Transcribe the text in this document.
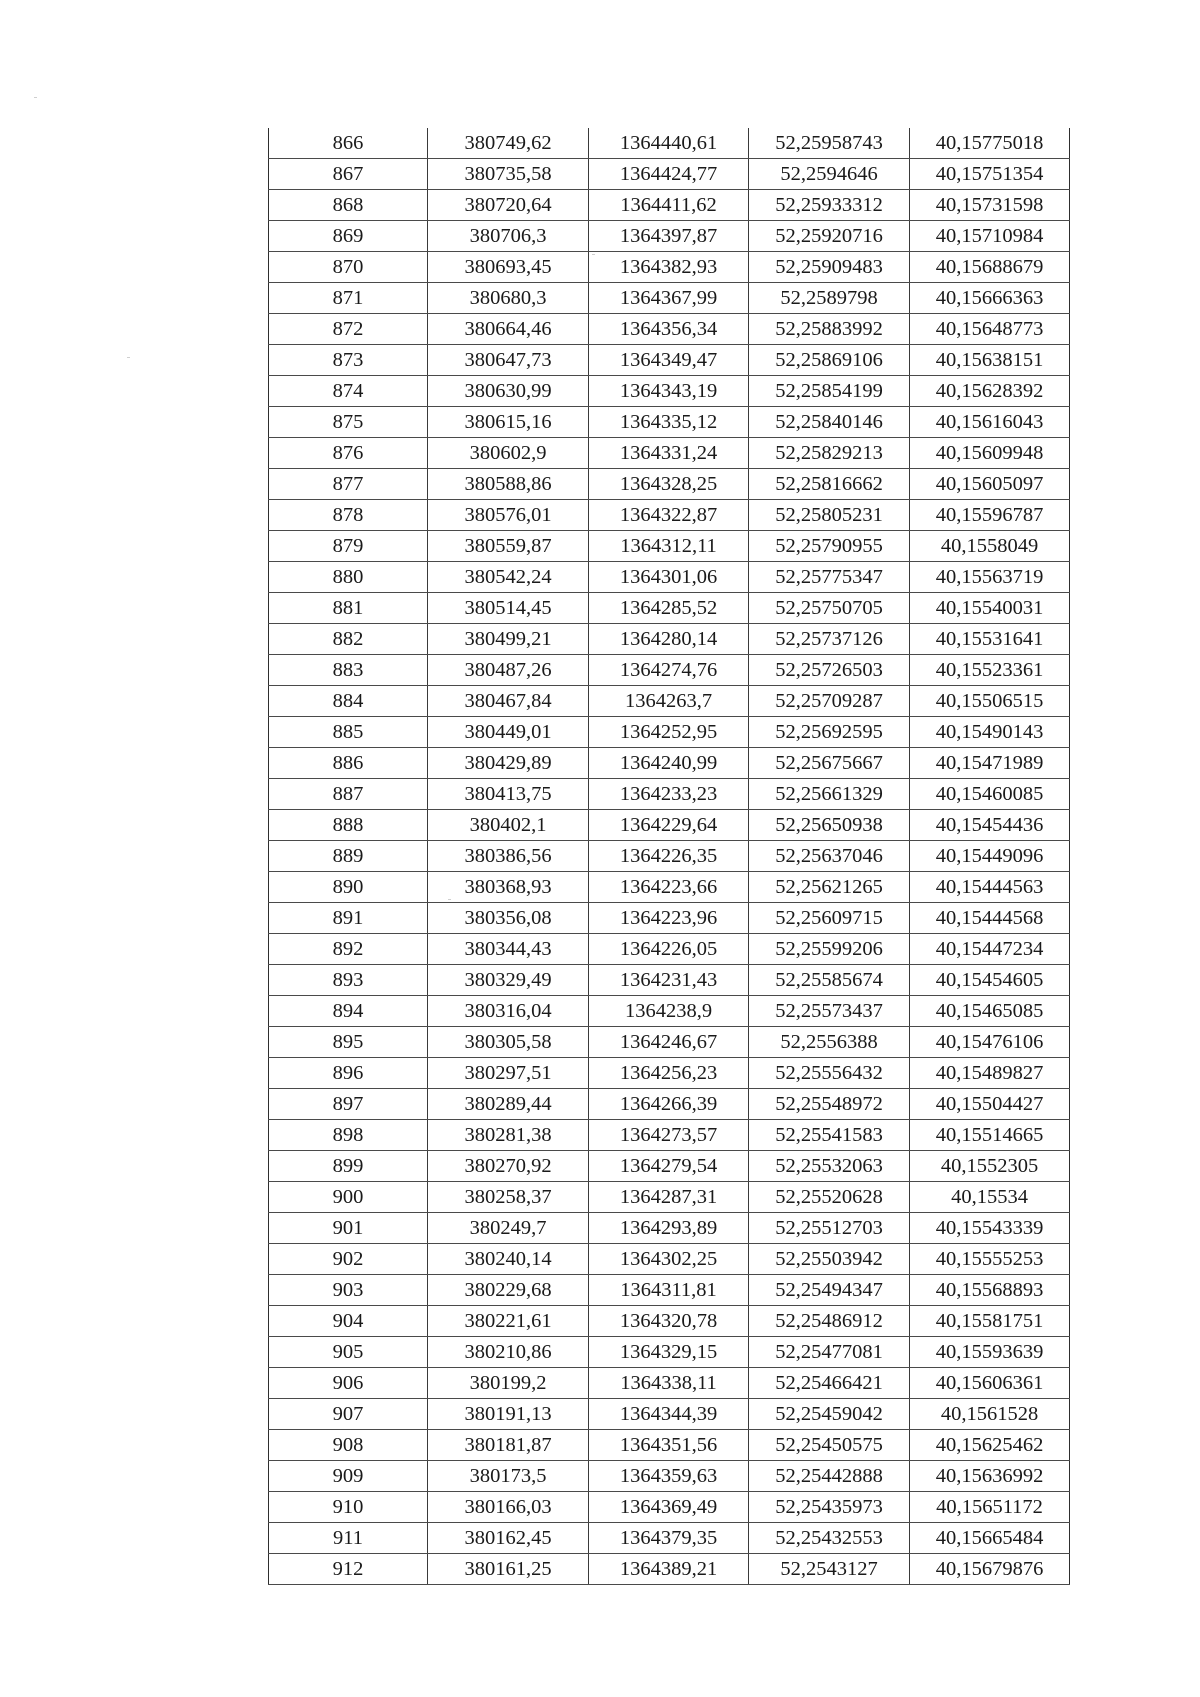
866	380749,62	1364440,61	52,25958743	40,15775018
867	380735,58	1364424,77	52,2594646	40,15751354
868	380720,64	1364411,62	52,25933312	40,15731598
869	380706,3	1364397,87	52,25920716	40,15710984
870	380693,45	1364382,93	52,25909483	40,15688679
871	380680,3	1364367,99	52,2589798	40,15666363
872	380664,46	1364356,34	52,25883992	40,15648773
873	380647,73	1364349,47	52,25869106	40,15638151
874	380630,99	1364343,19	52,25854199	40,15628392
875	380615,16	1364335,12	52,25840146	40,15616043
876	380602,9	1364331,24	52,25829213	40,15609948
877	380588,86	1364328,25	52,25816662	40,15605097
878	380576,01	1364322,87	52,25805231	40,15596787
879	380559,87	1364312,11	52,25790955	40,1558049
880	380542,24	1364301,06	52,25775347	40,15563719
881	380514,45	1364285,52	52,25750705	40,15540031
882	380499,21	1364280,14	52,25737126	40,15531641
883	380487,26	1364274,76	52,25726503	40,15523361
884	380467,84	1364263,7	52,25709287	40,15506515
885	380449,01	1364252,95	52,25692595	40,15490143
886	380429,89	1364240,99	52,25675667	40,15471989
887	380413,75	1364233,23	52,25661329	40,15460085
888	380402,1	1364229,64	52,25650938	40,15454436
889	380386,56	1364226,35	52,25637046	40,15449096
890	380368,93	1364223,66	52,25621265	40,15444563
891	380356,08	1364223,96	52,25609715	40,15444568
892	380344,43	1364226,05	52,25599206	40,15447234
893	380329,49	1364231,43	52,25585674	40,15454605
894	380316,04	1364238,9	52,25573437	40,15465085
895	380305,58	1364246,67	52,2556388	40,15476106
896	380297,51	1364256,23	52,25556432	40,15489827
897	380289,44	1364266,39	52,25548972	40,15504427
898	380281,38	1364273,57	52,25541583	40,15514665
899	380270,92	1364279,54	52,25532063	40,1552305
900	380258,37	1364287,31	52,25520628	40,15534
901	380249,7	1364293,89	52,25512703	40,15543339
902	380240,14	1364302,25	52,25503942	40,15555253
903	380229,68	1364311,81	52,25494347	40,15568893
904	380221,61	1364320,78	52,25486912	40,15581751
905	380210,86	1364329,15	52,25477081	40,15593639
906	380199,2	1364338,11	52,25466421	40,15606361
907	380191,13	1364344,39	52,25459042	40,1561528
908	380181,87	1364351,56	52,25450575	40,15625462
909	380173,5	1364359,63	52,25442888	40,15636992
910	380166,03	1364369,49	52,25435973	40,15651172
911	380162,45	1364379,35	52,25432553	40,15665484
912	380161,25	1364389,21	52,2543127	40,15679876
